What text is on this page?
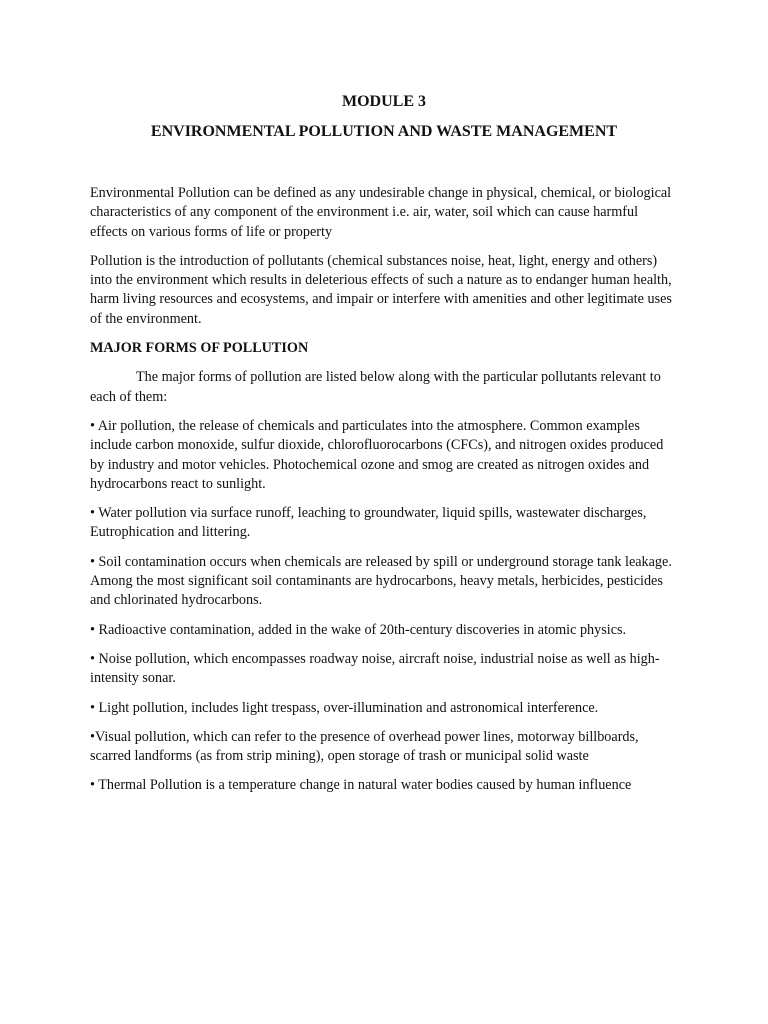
MODULE 3
ENVIRONMENTAL POLLUTION AND WASTE MANAGEMENT

Environmental Pollution can be defined as any undesirable change in physical, chemical, or biological characteristics of any component of the environment i.e. air, water, soil which can cause harmful effects on various forms of life or property

Pollution is the introduction of pollutants (chemical substances noise, heat, light, energy and others) into the environment which results in deleterious effects of such a nature as to endanger human health, harm living resources and ecosystems, and impair or interfere with amenities and other legitimate uses of the environment.

MAJOR FORMS OF POLLUTION

The major forms of pollution are listed below along with the particular pollutants relevant to each of them:

• Air pollution, the release of chemicals and particulates into the atmosphere. Common examples include carbon monoxide, sulfur dioxide, chlorofluorocarbons (CFCs), and nitrogen oxides produced by industry and motor vehicles. Photochemical ozone and smog are created as nitrogen oxides and hydrocarbons react to sunlight.

• Water pollution via surface runoff, leaching to groundwater, liquid spills, wastewater discharges, Eutrophication and littering.

• Soil contamination occurs when chemicals are released by spill or underground storage tank leakage. Among the most significant soil contaminants are hydrocarbons, heavy metals, herbicides, pesticides and chlorinated hydrocarbons.

• Radioactive contamination, added in the wake of 20th-century discoveries in atomic physics.

• Noise pollution, which encompasses roadway noise, aircraft noise, industrial noise as well as high-intensity sonar.

• Light pollution, includes light trespass, over-illumination and astronomical interference.

•Visual pollution, which can refer to the presence of overhead power lines, motorway billboards, scarred landforms (as from strip mining), open storage of trash or municipal solid waste

• Thermal Pollution is a temperature change in natural water bodies caused by human influence
